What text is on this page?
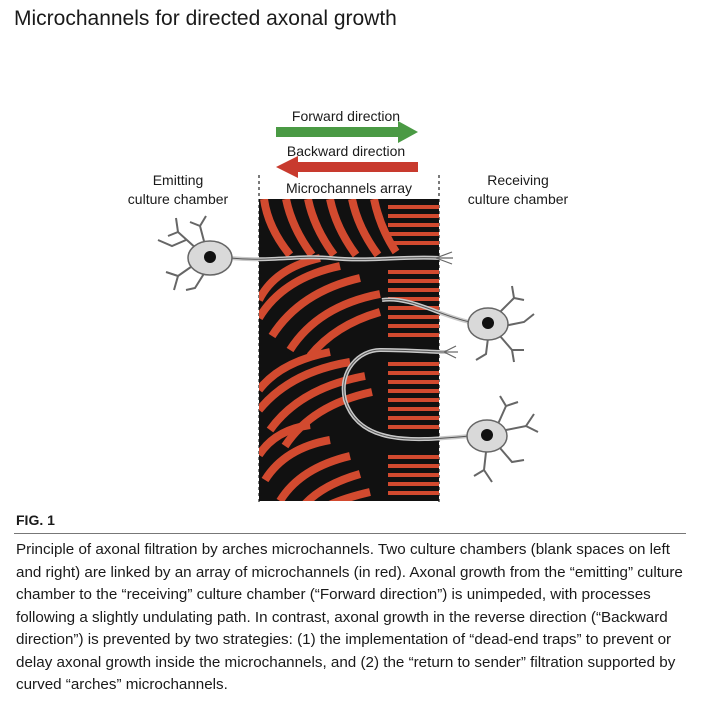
Microchannels for directed axonal growth
Forward direction
Backward direction
Microchannels array
Emitting
culture chamber
Receiving
culture chamber
FIG. 1

Principle of axonal filtration by arches microchannels. Two culture chambers (blank spaces on left and right) are linked by an array of microchannels (in red). Axonal growth from the “emitting” culture chamber to the “receiving” culture chamber (“Forward direction”) is unimpeded, with processes following a slightly undulating path. In contrast, axonal growth in the reverse direction (“Backward direction”) is prevented by two strategies: (1) the implementation of “dead-end traps” to prevent or delay axonal growth inside the microchannels, and (2) the “return to sender” filtration supported by curved “arches” microchannels.
